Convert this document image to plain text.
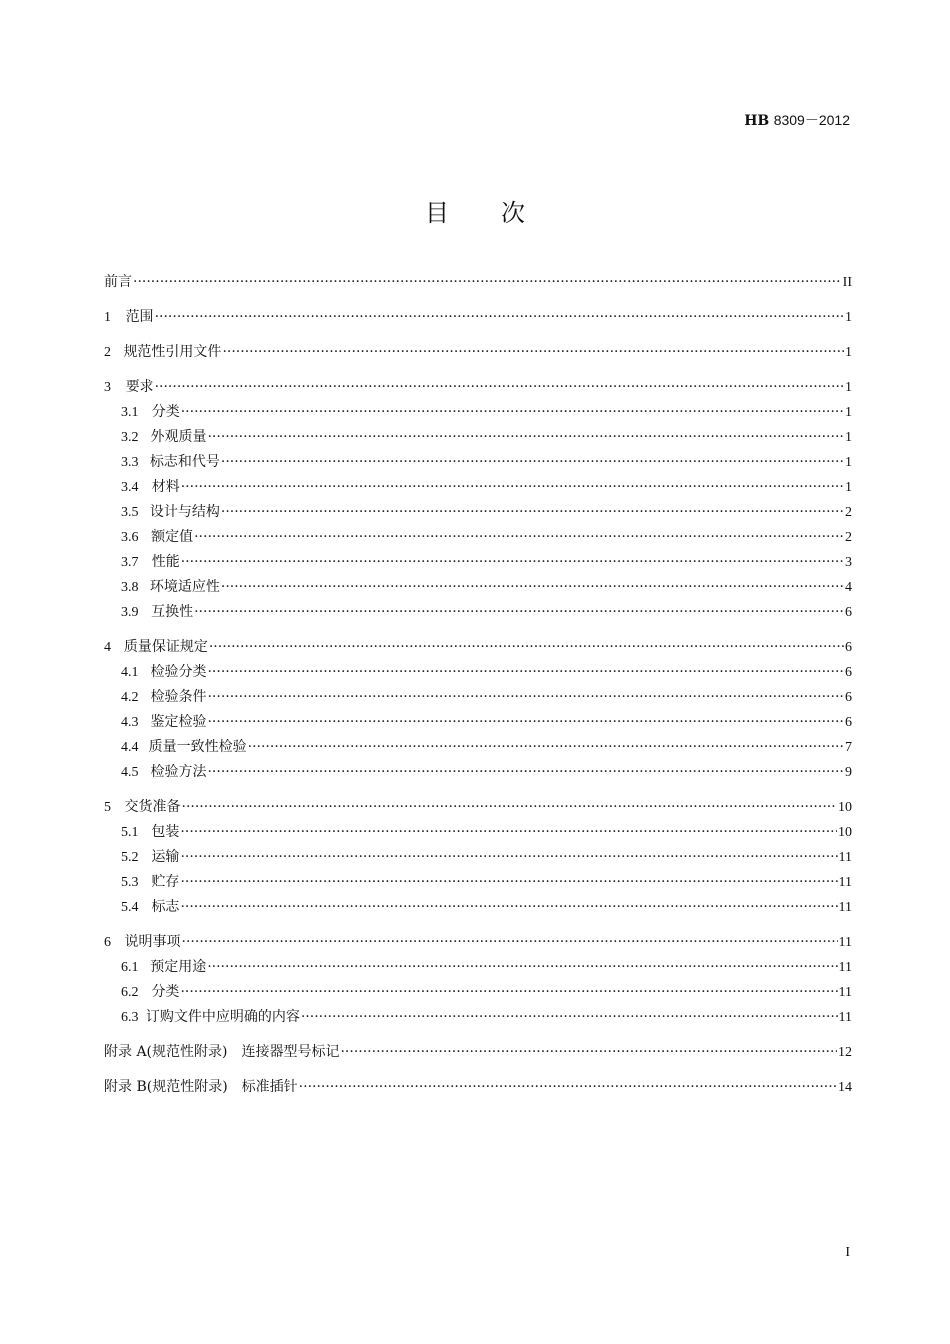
HB 8309－2012
目次
前言 ·····	II
1	范围 ·····	1
2 规范性引用文件 ·····	1
3	要求 ·····	1
3.1 分类 ·····	1
3.2 外观质量 ·····	1
3.3 标志和代号 ·····	1
3.4 材料 ·····	1
3.5 设计与结构 ·····	2
3.6 额定值 ·····	2
3.7 性能 ·····	3
3.8 环境适应性 ·····	4
3.9 互换性 ·····	6
4 质量保证规定 ·····	6
4.1 检验分类 ·····	6
4.2 检验条件 ·····	6
4.3 鉴定检验 ·····	6
4.4 质量一致性检验 ·····	7
4.5 检验方法 ·····	9
5 交货准备 ·····	10
5.1 包装 ·····	10
5.2 运输 ·····	11
5.3 贮存 ·····	11
5.4 标志 ·····	11
6 说明事项 ·····	11
6.1 预定用途 ·····	11
6.2 分类 ·····	11
6.3 订购文件中应明确的内容 ·····	11
附录 A(规范性附录)　连接器型号标记 ·····	12
附录 B(规范性附录)　标准插针 ·····	14
I
